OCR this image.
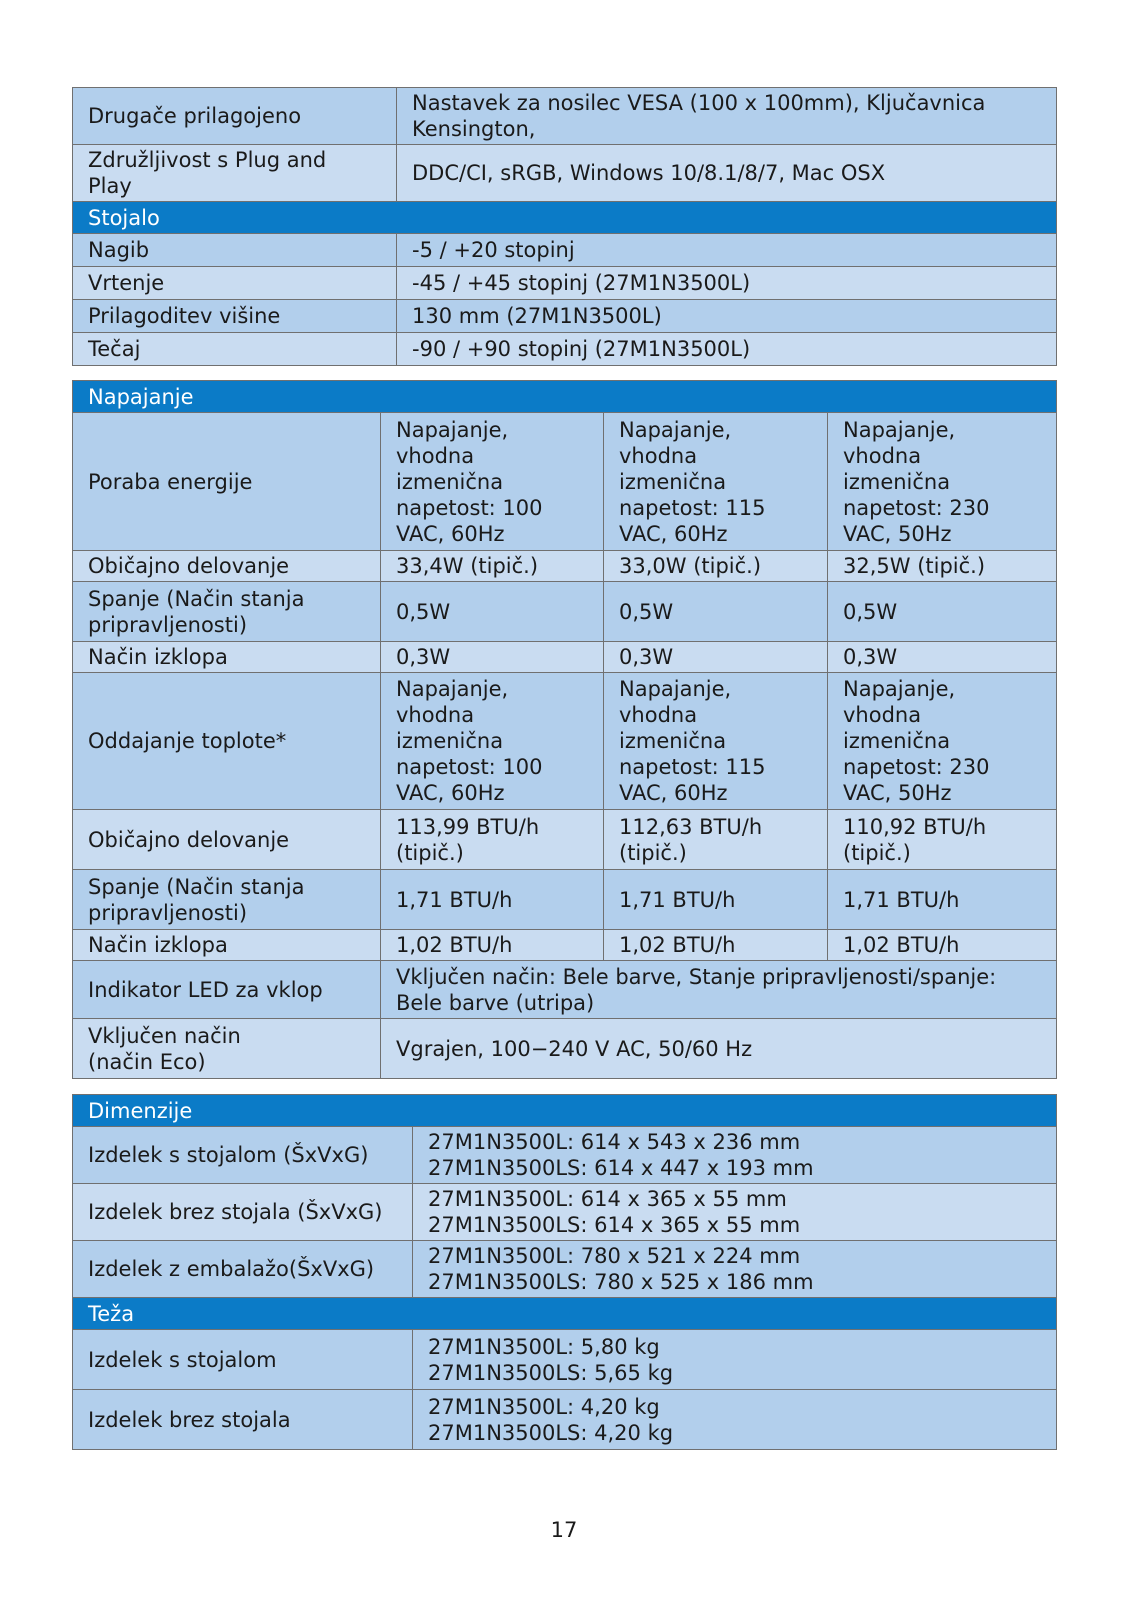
Drugače prilagojeno	Nastavek za nosilec VESA (100 x 100mm), Ključavnica
Kensington,

Združljivost s Plug and
Play	DDC/CI, sRGB, Windows 10/8.1/8/7, Mac OSX
Stojalo	
Nagib	-5 / +20 stopinj
Vrtenje	-45 / +45 stopinj (27M1N3500L)
Prilagoditev višine	130 mm (27M1N3500L)
Tečaj	-90 / +90 stopinj (27M1N3500L)
Napajanje			
Poraba energije	Napajanje,
vhodna
izmenična
napetost: 100
VAC, 60Hz	Napajanje,
vhodna
izmenična
napetost: 115
VAC, 60Hz	Napajanje,
vhodna
izmenična
napetost: 230
VAC, 50Hz

Običajno delovanje	33,4W (tipič.)	33,0W (tipič.)	32,5W (tipič.)

Spanje (Način stanja
pripravljenosti)	0,5W	0,5W	0,5W
Način izklopa	0,3W	0,3W	0,3W
Oddajanje toplote*	Napajanje,
vhodna
izmenična
napetost: 100
VAC, 60Hz	Napajanje,
vhodna
izmenična
napetost: 115
VAC, 60Hz	Napajanje,
vhodna
izmenična
napetost: 230
VAC, 50Hz

Običajno delovanje	113,99 BTU/h
(tipič.)	112,63 BTU/h
(tipič.)	110,92 BTU/h
(tipič.)

Spanje (Način stanja
pripravljenosti)	1,71 BTU/h	1,71 BTU/h	1,71 BTU/h
Način izklopa	1,02 BTU/h	1,02 BTU/h	1,02 BTU/h
Indikator LED za vklop	Vključen način: Bele barve, Stanje pripravljenosti/spanje:
Bele barve (utripa)		

Vključen način
(način Eco)	Vgrajen, 100−240 V AC, 50/60 Hz		
Dimenzije	
Izdelek s stojalom (ŠxVxG)	27M1N3500L: 614 x 543 x 236 mm
27M1N3500LS: 614 x 447 x 193 mm

Izdelek brez stojala (ŠxVxG)	27M1N3500L: 614 x 365 x 55 mm
27M1N3500LS: 614 x 365 x 55 mm

Izdelek z embalažo(ŠxVxG)	27M1N3500L: 780 x 521 x 224 mm
27M1N3500LS: 780 x 525 x 186 mm

Teža	
Izdelek s stojalom	27M1N3500L: 5,80 kg
27M1N3500LS: 5,65 kg

Izdelek brez stojala	27M1N3500L: 4,20 kg
27M1N3500LS: 4,20 kg
17
